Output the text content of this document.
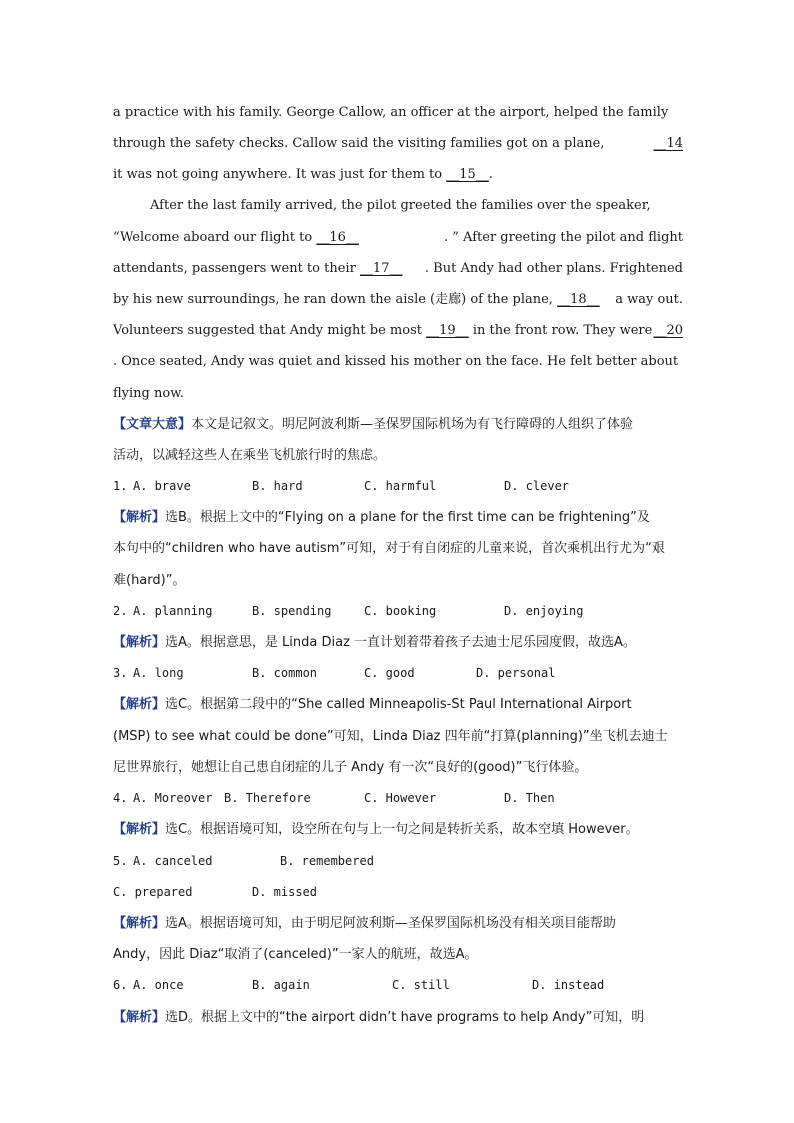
a practice with his family. George Callow, an officer at the airport, helped the family
through the safety checks. Callow said the visiting families got on a plane,	__14
it was not going anywhere. It was just for them to __15__.
After the last family arrived, the pilot greeted the families over the speaker,
“Welcome aboard our flight to __16__	. ” After greeting the pilot and flight
attendants, passengers went to their __17__ . But Andy had other plans. Frightened
by his new surroundings, he ran down the aisle (走廊) of the plane, __18__ a way out.
Volunteers suggested that Andy might be most __19__ in the front row. They were __20
. Once seated, Andy was quiet and kissed his mother on the face. He felt better about
flying now.
【文章大意】本文是记叙文。明尼阿波利斯—圣保罗国际机场为有飞行障碍的人组织了体验
活动，以减轻这些人在乘坐飞机旅行时的焦虑。
1. A. brave	B. hard	C. harmful	D. clever
【解析】选B。根据上文中的“Flying on a plane for the first time can be frightening”及
本句中的“children who have autism”可知，对于有自闭症的儿童来说，首次乘机出行尤为“艰
难(hard)”。
2. A. planning	B. spending	C. booking	D. enjoying
【解析】选A。根据意思，是 Linda Diaz 一直计划着带着孩子去迪士尼乐园度假，故选A。
3. A. long	B. common	C. good	D. personal
【解析】选C。根据第二段中的“She called Minneapolis-St Paul International Airport
(MSP) to see what could be done”可知，Linda Diaz 四年前“打算(planning)”坐飞机去迪士
尼世界旅行，她想让自己患自闭症的儿子 Andy 有一次“良好的(good)”飞行体验。
4. A. Moreover B. Therefore	C. However	D. Then
【解析】选C。根据语境可知，设空所在句与上一句之间是转折关系，故本空填 However。
5. A. canceled	B. remembered
C. prepared	D. missed
【解析】选A。根据语境可知，由于明尼阿波利斯—圣保罗国际机场没有相关项目能帮助
Andy，因此 Diaz“取消了(canceled)”一家人的航班，故选A。
6. A. once	B. again	C. still	D. instead
【解析】选D。根据上文中的“the airport didn’t have programs to help Andy”可知，明
